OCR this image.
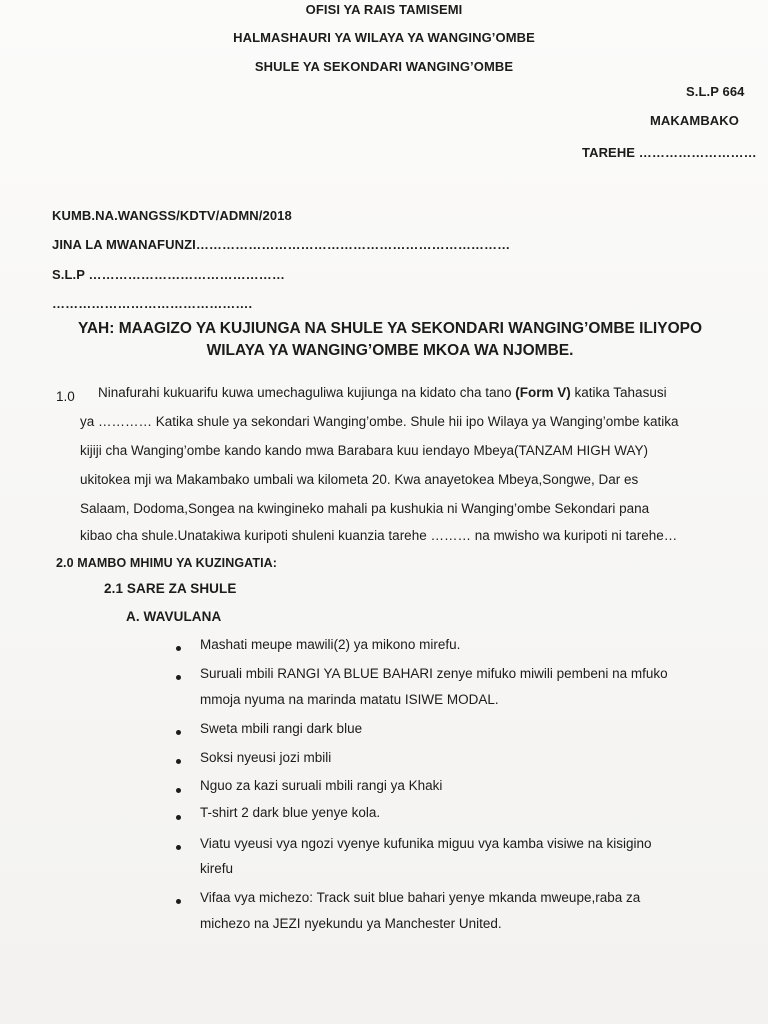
OFISI YA RAIS TAMISEMI
HALMASHAURI YA WILAYA YA WANGING’OMBE
SHULE YA SEKONDARI WANGING’OMBE
S.L.P 664
MAKAMBAKO
TAREHE ………………………
KUMB.NA.WANGSS/KDTV/ADMN/2018
JINA LA MWANAFUNZI………………………………………………………………
S.L.P ………………………………………
……………………………………….
YAH: MAAGIZO YA KUJIUNGA NA SHULE YA SEKONDARI WANGING’OMBE ILIYOPO
WILAYA YA WANGING’OMBE MKOA WA NJOMBE.
1.0 Ninafurahi kukuarifu kuwa umechaguliwa kujiunga na kidato cha tano (Form V) katika Tahasusi
ya ………… Katika shule ya sekondari Wanging’ombe. Shule hii ipo Wilaya ya Wanging’ombe katika
kijiji cha Wanging’ombe kando kando mwa Barabara kuu iendayo Mbeya(TANZAM HIGH WAY)
ukitokea mji wa Makambako umbali wa kilometa 20. Kwa anayetokea Mbeya,Songwe, Dar es
Salaam, Dodoma,Songea na kwingineko mahali pa kushukia ni Wanging’ombe Sekondari pana
kibao cha shule.Unatakiwa kuripoti shuleni kuanzia tarehe ……… na mwisho wa kuripoti ni tarehe…
2.0 MAMBO MHIMU YA KUZINGATIA:
2.1 SARE ZA SHULE
A. WAVULANA
Mashati meupe mawili(2) ya mikono mirefu.
Suruali mbili RANGI YA BLUE BAHARI zenye mifuko miwili pembeni na mfuko
mmoja nyuma na marinda matatu ISIWE MODAL.
Sweta mbili rangi dark blue
Soksi nyeusi jozi mbili
Nguo za kazi suruali mbili rangi ya Khaki
T-shirt 2 dark blue yenye kola.
Viatu vyeusi vya ngozi vyenye kufunika miguu vya kamba visiwe na kisigino
kirefu
Vifaa vya michezo: Track suit blue bahari yenye mkanda mweupe,raba za
michezo na JEZI nyekundu ya Manchester United.
